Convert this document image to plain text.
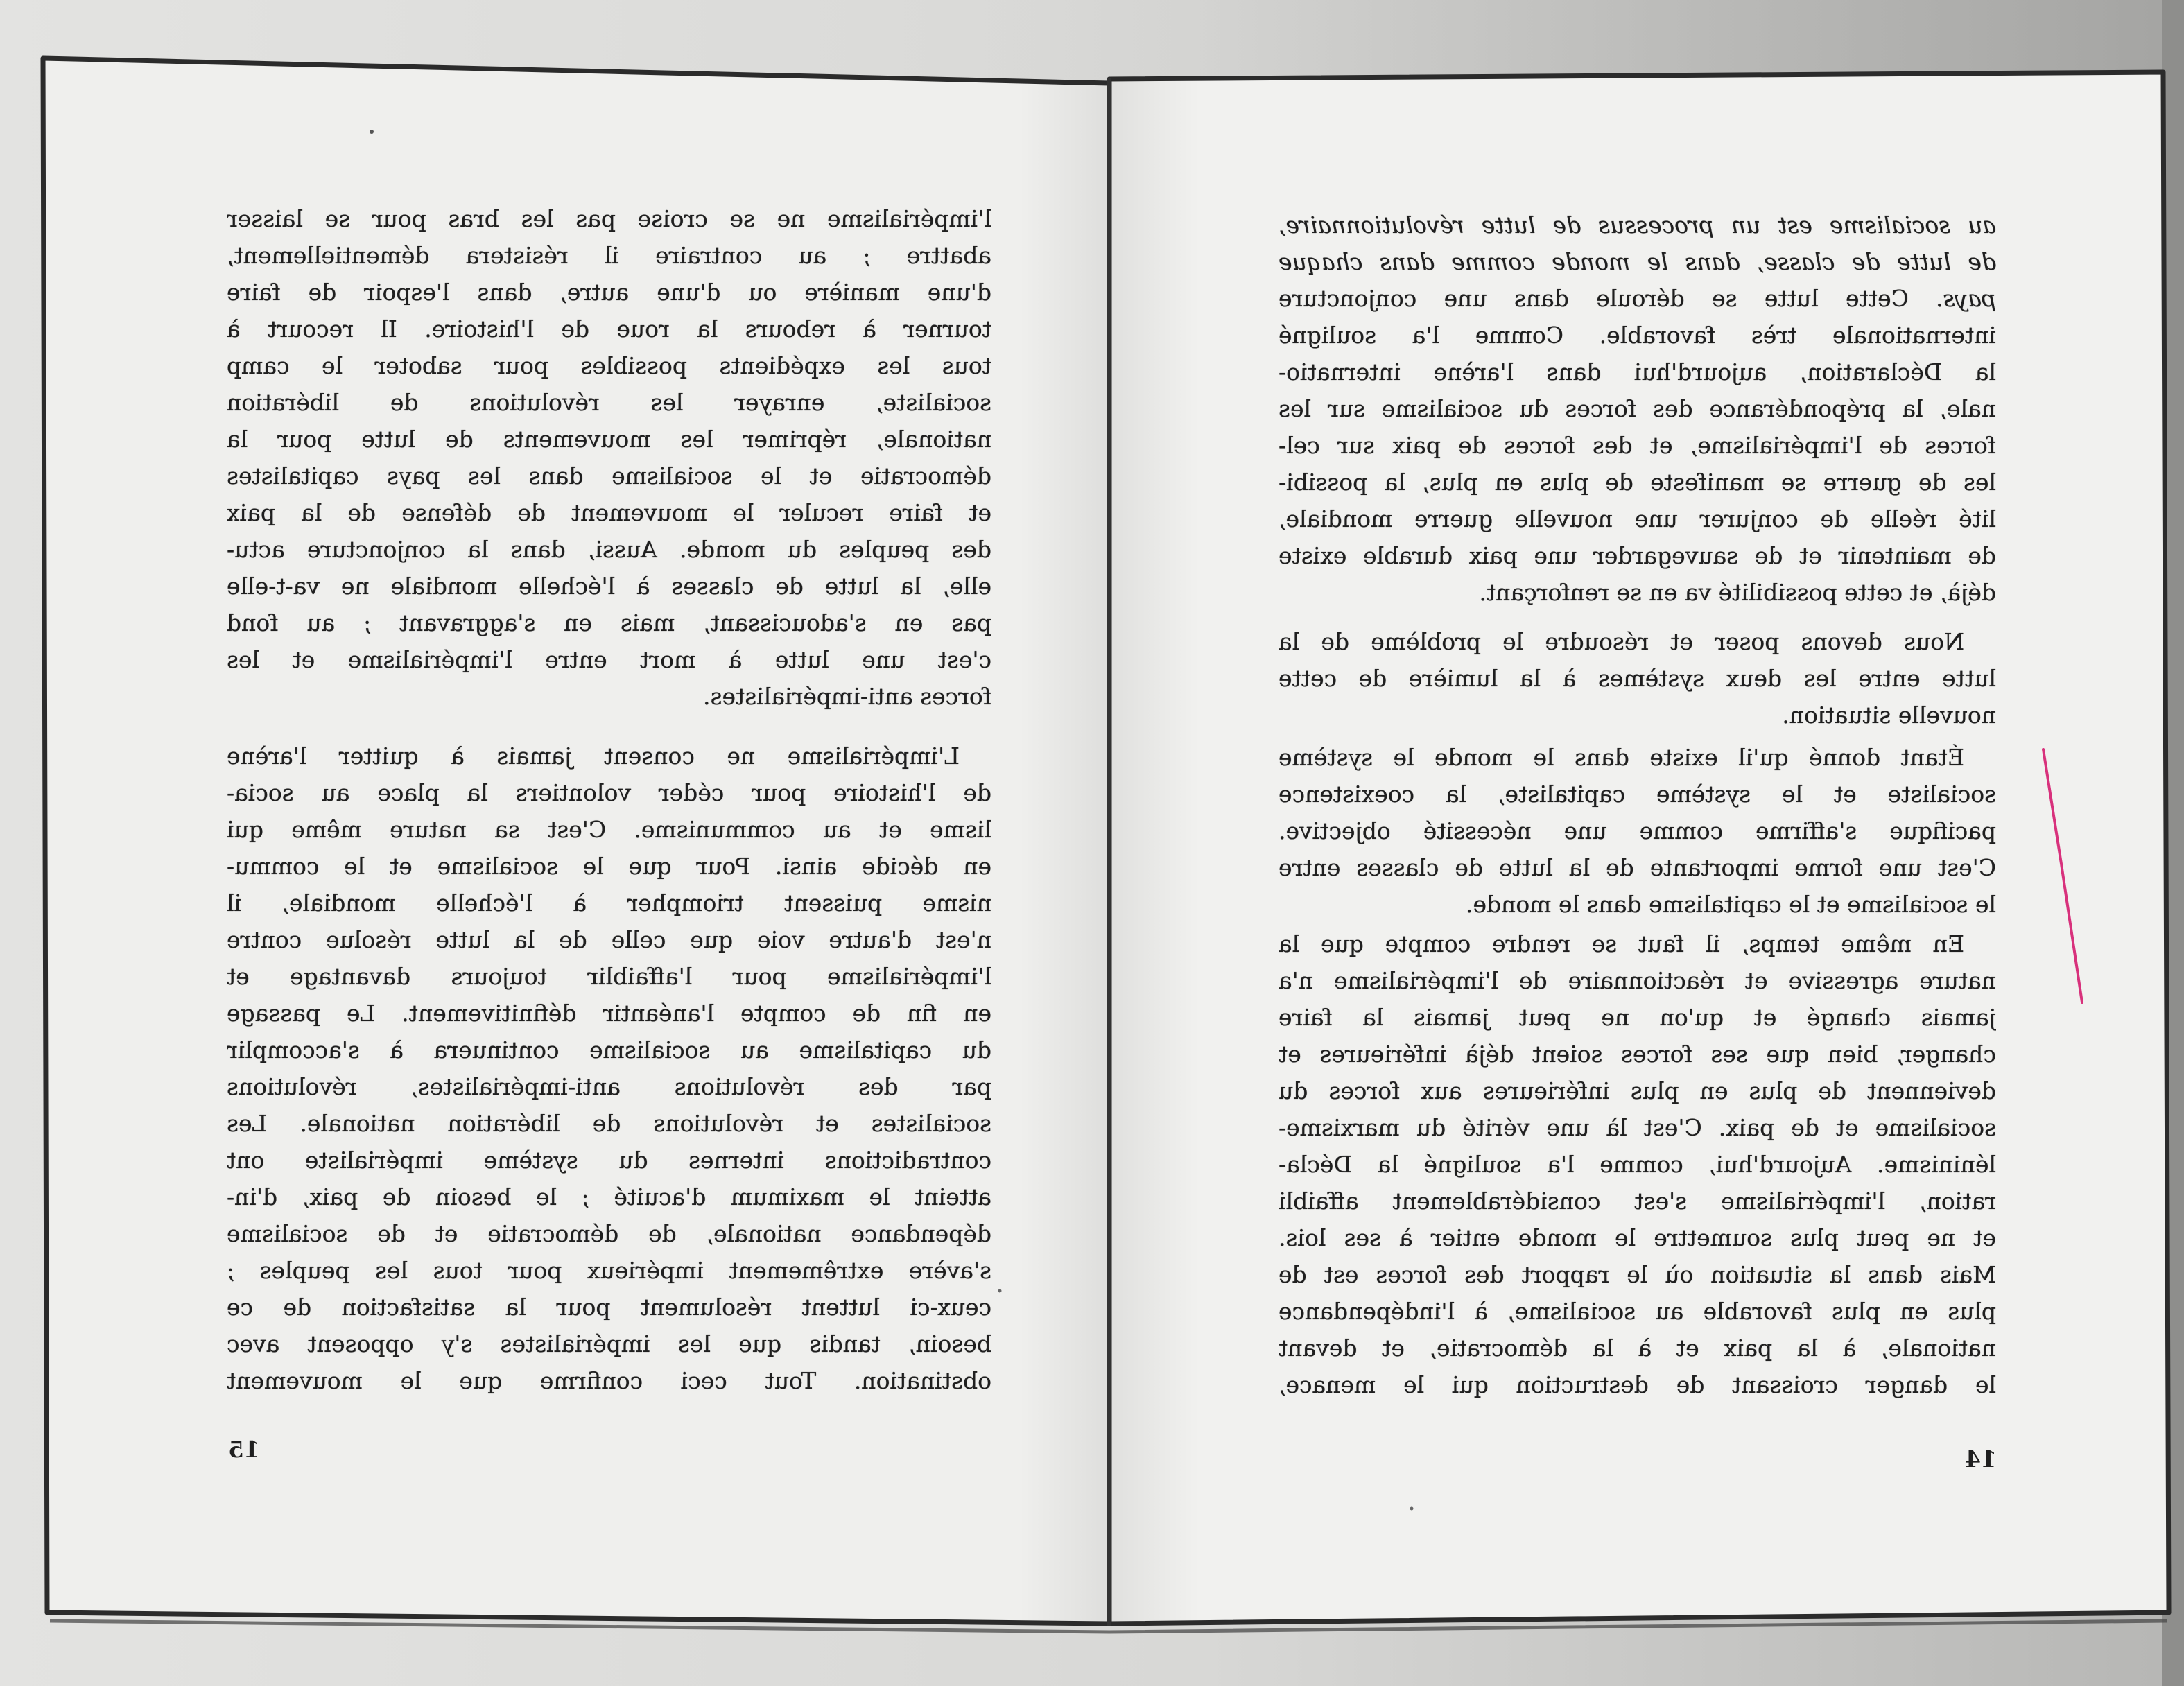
l'impérialisme ne se croise pas les bras pour se laisser
abattre ; au contraire il résistera démentiellement,
d'une manière ou d'une autre, dans l'espoir de faire
tourner à rebours la roue de l'histoire. Il recourt à
tous les expédients possibles pour saboter le camp
socialiste, enrayer les révolutions de libération
nationale, réprimer les mouvements de lutte pour la
démocratie et le socialisme dans les pays capitalistes
et faire reculer le mouvement de défense de la paix
des peuples du monde. Aussi, dans la conjoncture actu-
elle, la lutte de classes à l'échelle mondiale ne va-t-elle
pas en s'adoucissant, mais en s'aggravant ; au fond
c'est une lutte à mort entre l'impérialisme et les
forces anti-impérialistes.
L'impérialisme ne consent jamais à quitter l'arène
de l'histoire pour céder volontiers la place au socia-
lisme et au communisme. C'est sa nature même qui
en décide ainsi. Pour que le socialisme et le commu-
nisme puissent triompher à l'échelle mondiale, il
n'est d'autre voie que celle de la lutte résolue contre
l'impérialisme pour l'affaiblir toujours davantage et
en fin de compte l'anéantir définitivement. Le passage
du capitalisme au socialisme continuera à s'accomplir
par des révolutions anti-impérialistes, révolutions
socialistes et révolutions de libération nationale. Les
contradictions internes du système impérialiste ont
atteint le maximum d'acuité ; le besoin de paix, d'in-
dépendance nationale, de démocratie et de socialisme
s'avère extrêmement impérieux pour tous les peuples ;
ceux-ci luttent résolument pour la satisfaction de ce
besoin, tandis que les impérialistes s'y opposent avec
obstination. Tout ceci confirme que le mouvement
15
au socialisme est un processus de lutte révolutionnaire,
de lutte de classe, dans le monde comme dans chaque
pays. Cette lutte se déroule dans une conjoncture
internationale très favorable. Comme l'a souligné
la Déclaration, aujourd'hui dans l'arène internatio-
nale, la prépondérance des forces du socialisme sur les
forces de l'impérialisme, et des forces de paix sur cel-
les de guerre se manifeste de plus en plus, la possibi-
lité réelle de conjurer une nouvelle guerre mondiale,
de maintenir et de sauvegarder une paix durable existe
déjà, et cette possibilité va en se renforçant.
Nous devons poser et résoudre le problème de la
lutte entre les deux systèmes à la lumière de cette
nouvelle situation.
Étant donné qu'il existe dans le monde le système
socialiste et le système capitaliste, la coexistence
pacifique s'affirme comme une nécessité objective.
C'est une forme importante de la lutte de classes entre
le socialisme et le capitalisme dans le monde.
En même temps, il faut se rendre compte que la
nature agressive et réactionnaire de l'impérialisme n'a
jamais changé et qu'on ne peut jamais la faire
changer, bien que ses forces soient déjà inférieures et
deviennent de plus en plus inférieures aux forces du
socialisme et de paix. C'est là une vérité du marxisme-
léninisme. Aujourd'hui, comme l'a souligné la Décla-
ration, l'impérialisme s'est considérablement affaibli
et ne peut plus soumettre le monde entier à ses lois.
Mais dans la situation où le rapport des forces est de
plus en plus favorable au socialisme, à l'indépendance
nationale, à la paix et à la démocratie, et devant
le danger croissant de destruction qui le menace,
14
